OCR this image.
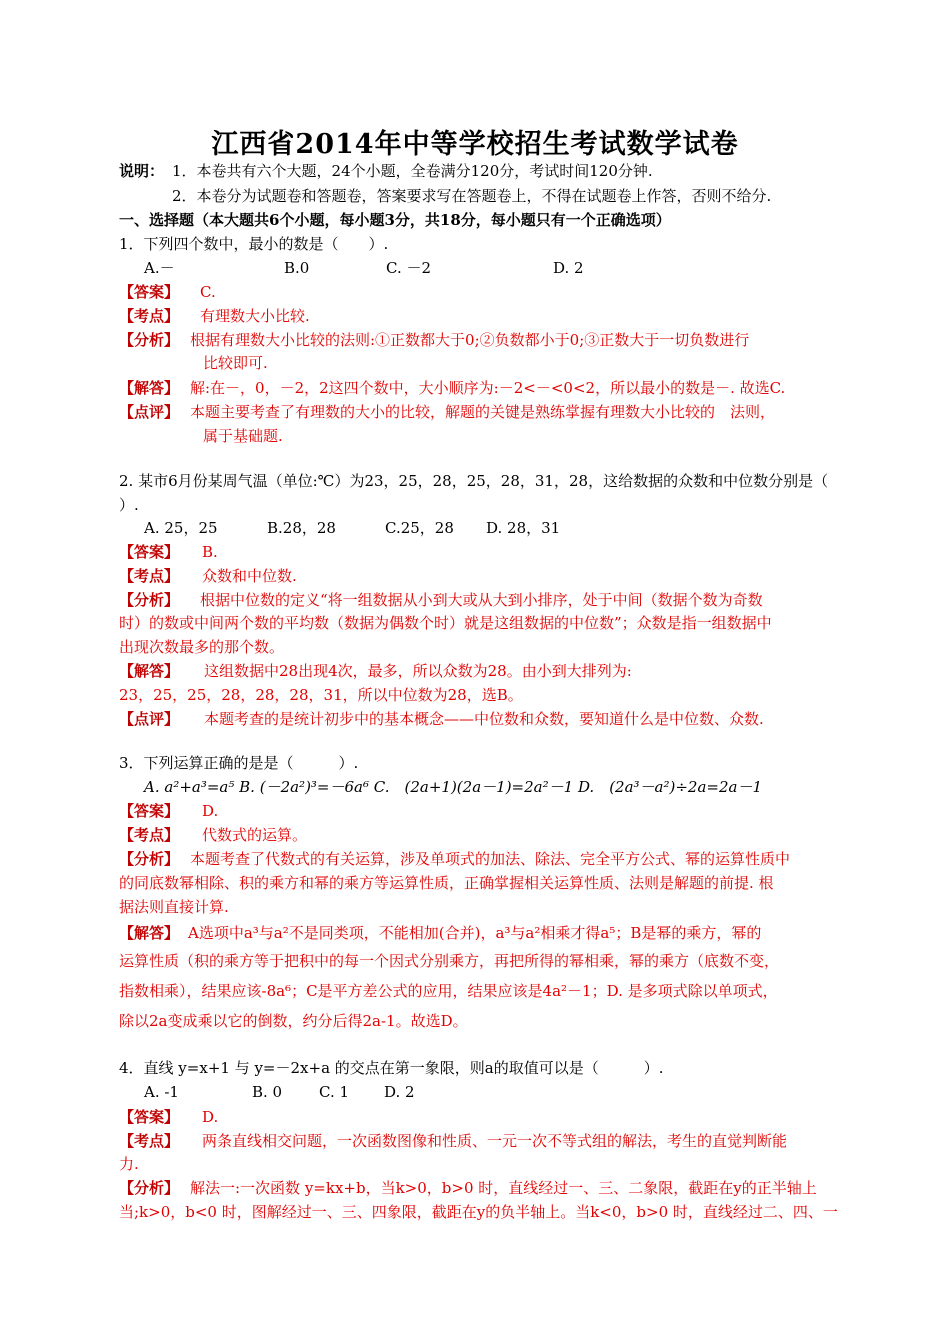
江西省2014年中等学校招生考试数学试卷
说明： 1．本卷共有六个大题，24个小题，全卷满分120分，考试时间120分钟.
2．本卷分为试题卷和答题卷，答案要求写在答题卷上，不得在试题卷上作答，否则不给分.
一、选择题（本大题共6个小题，每小题3分，共18分，每小题只有一个正确选项）
1．下列四个数中，最小的数是（　　）.
A.－	B.0	C. －2	D. 2
【答案】 C.
【考点】 有理数大小比较.
【分析】 根据有理数大小比较的法则:①正数都大于0;②负数都小于0;③正数大于一切负数进行
比较即可.
【解答】 解:在－，0，－2，2这四个数中，大小顺序为:－2<－<0<2，所以最小的数是－. 故选C.
【点评】 本题主要考查了有理数的大小的比较，解题的关键是熟练掌握有理数大小比较的　法则，
属于基础题.
2. 某市6月份某周气温（单位:℃）为23，25，28，25，28，31，28，这给数据的众数和中位数分别是（
）.
A. 25，25	B.28，28	C.25，28 D. 28，31
【答案】 B.
【考点】 众数和中位数.
【分析】 根据中位数的定义“将一组数据从小到大或从大到小排序，处于中间（数据个数为奇数
时）的数或中间两个数的平均数（数据为偶数个时）就是这组数据的中位数”；众数是指一组数据中
出现次数最多的那个数。
【解答】 这组数据中28出现4次，最多，所以众数为28。由小到大排列为:
23，25，25，28，28，28，31，所以中位数为28，选B。
【点评】 本题考查的是统计初步中的基本概念——中位数和众数，要知道什么是中位数、众数.
3．下列运算正确的是是（　　　）.
A. a²+a³=a⁵ B. (－2a²)³=－6a⁶ C.　(2a+1)(2a－1)=2a²－1 D.　(2a³－a²)÷2a=2a－1
【答案】 D.
【考点】 代数式的运算。
【分析】 本题考查了代数式的有关运算，涉及单项式的加法、除法、完全平方公式、幂的运算性质中
的同底数幂相除、积的乘方和幂的乘方等运算性质，正确掌握相关运算性质、法则是解题的前提. 根
据法则直接计算.
【解答】 A选项中a³与a²不是同类项，不能相加(合并)，a³与a²相乘才得a⁵；B是幂的乘方，幂的
运算性质（积的乘方等于把积中的每一个因式分别乘方，再把所得的幂相乘，幂的乘方（底数不变，
指数相乘），结果应该-8a⁶；C是平方差公式的应用，结果应该是4a²－1；D. 是多项式除以单项式，
除以2a变成乘以它的倒数，约分后得2a-1。故选D。
4．直线 y=x+1 与 y=－2x+a 的交点在第一象限，则a的取值可以是（　　　）.
A. -1	B. 0 C. 1 D. 2
【答案】 D.
【考点】 两条直线相交问题，一次函数图像和性质、一元一次不等式组的解法，考生的直觉判断能
力.
【分析】 解法一:一次函数 y=kx+b，当k>0，b>0 时，直线经过一、三、二象限，截距在y的正半轴上
当;k>0，b<0 时，图解经过一、三、四象限，截距在y的负半轴上。当k<0，b>0 时，直线经过二、四、一
